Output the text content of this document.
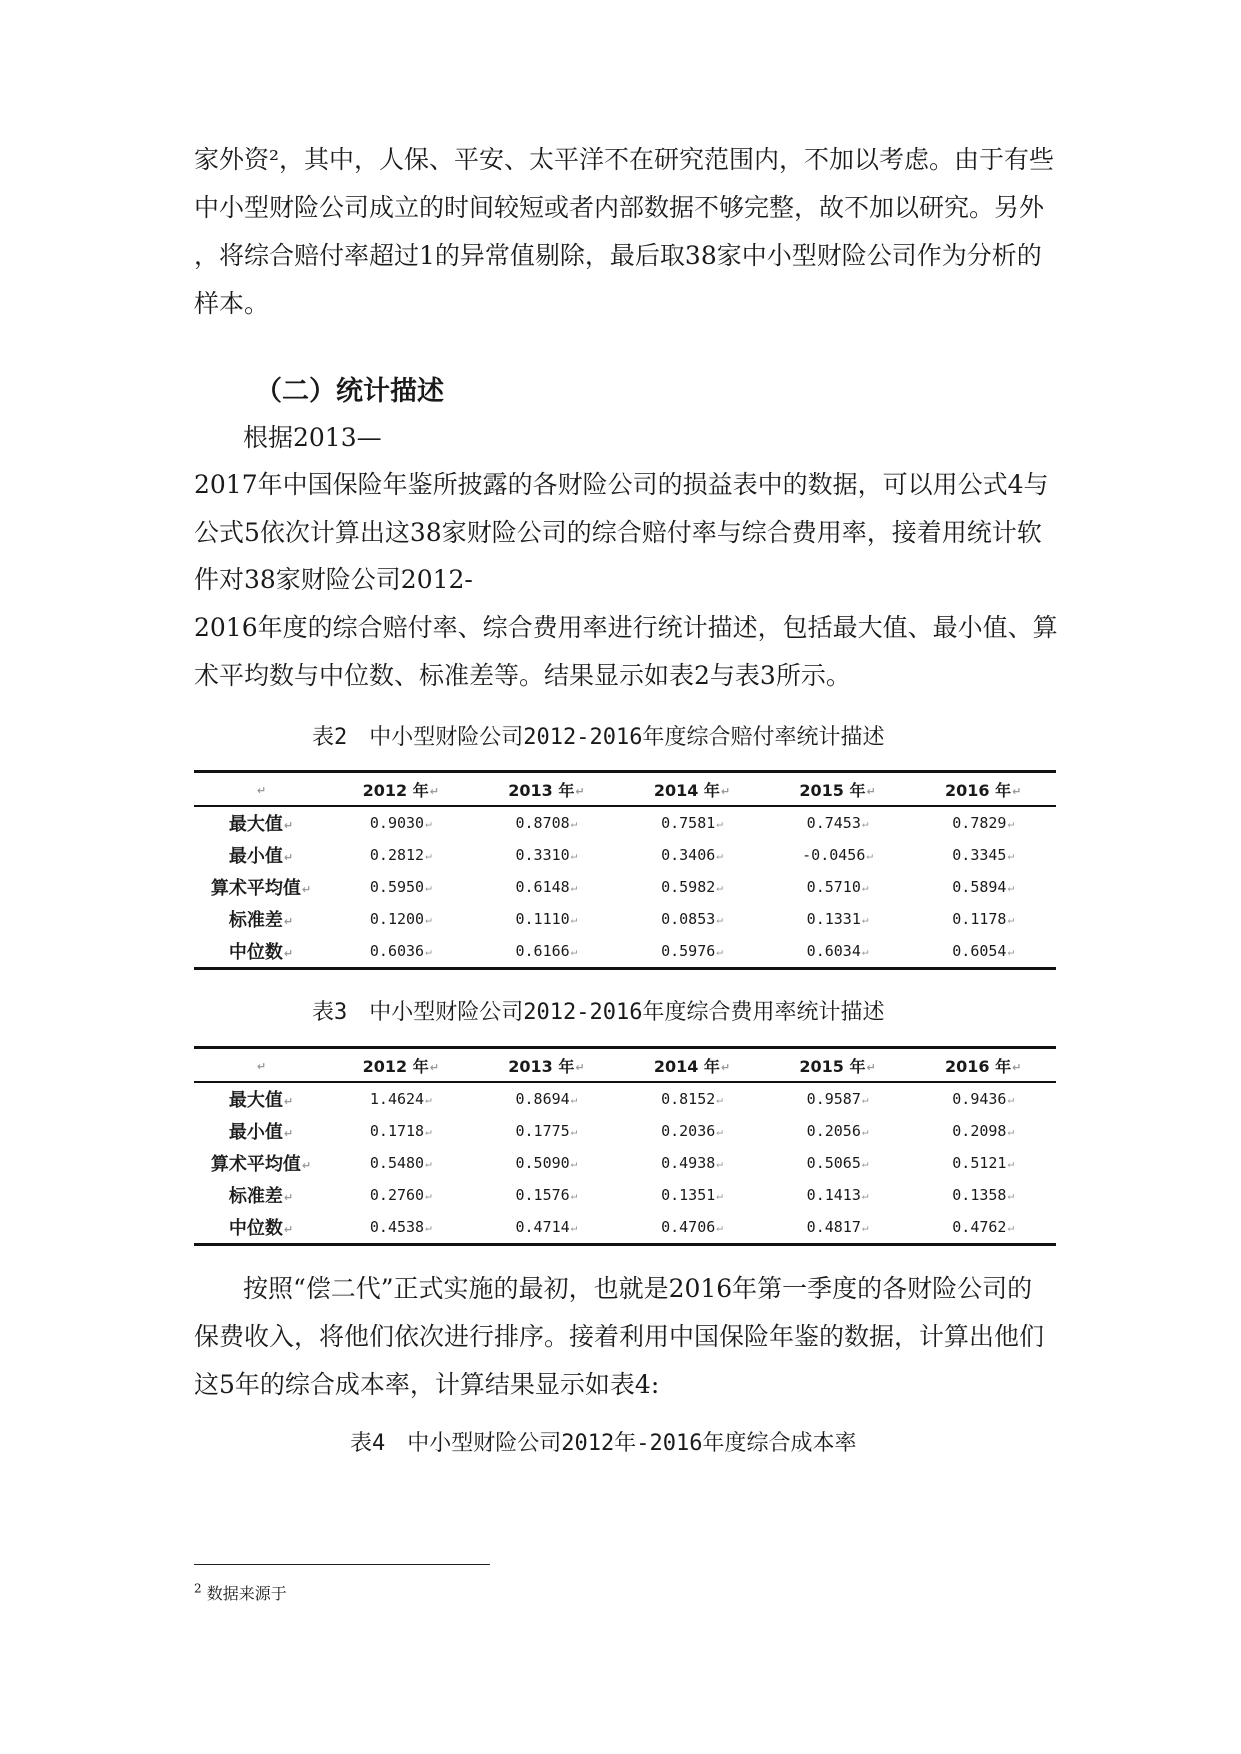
家外资²，其中，人保、平安、太平洋不在研究范围内，不加以考虑。由于有些
中小型财险公司成立的时间较短或者内部数据不够完整，故不加以研究。另外
，将综合赔付率超过1的异常值剔除，最后取38家中小型财险公司作为分析的
样本。
（二）统计描述
根据2013—
2017年中国保险年鉴所披露的各财险公司的损益表中的数据，可以用公式4与
公式5依次计算出这38家财险公司的综合赔付率与综合费用率，接着用统计软
件对38家财险公司2012-
2016年度的综合赔付率、综合费用率进行统计描述，包括最大值、最小值、算
术平均数与中位数、标准差等。结果显示如表2与表3所示。
表2　中小型财险公司2012-2016年度综合赔付率统计描述
↵	2012 年↵	2013 年↵	2014 年↵	2015 年↵	2016 年↵
最大值↵	0.9030↵	0.8708↵	0.7581↵	0.7453↵	0.7829↵
最小值↵	0.2812↵	0.3310↵	0.3406↵	-0.0456↵	0.3345↵
算术平均值↵	0.5950↵	0.6148↵	0.5982↵	0.5710↵	0.5894↵
标准差↵	0.1200↵	0.1110↵	0.0853↵	0.1331↵	0.1178↵
中位数↵	0.6036↵	0.6166↵	0.5976↵	0.6034↵	0.6054↵
表3　中小型财险公司2012-2016年度综合费用率统计描述
↵	2012 年↵	2013 年↵	2014 年↵	2015 年↵	2016 年↵
最大值↵	1.4624↵	0.8694↵	0.8152↵	0.9587↵	0.9436↵
最小值↵	0.1718↵	0.1775↵	0.2036↵	0.2056↵	0.2098↵
算术平均值↵	0.5480↵	0.5090↵	0.4938↵	0.5065↵	0.5121↵
标准差↵	0.2760↵	0.1576↵	0.1351↵	0.1413↵	0.1358↵
中位数↵	0.4538↵	0.4714↵	0.4706↵	0.4817↵	0.4762↵
按照“偿二代”正式实施的最初，也就是2016年第一季度的各财险公司的
保费收入，将他们依次进行排序。接着利用中国保险年鉴的数据，计算出他们
这5年的综合成本率，计算结果显示如表4:
表4　中小型财险公司2012年-2016年度综合成本率
$^2$ 数据来源于
